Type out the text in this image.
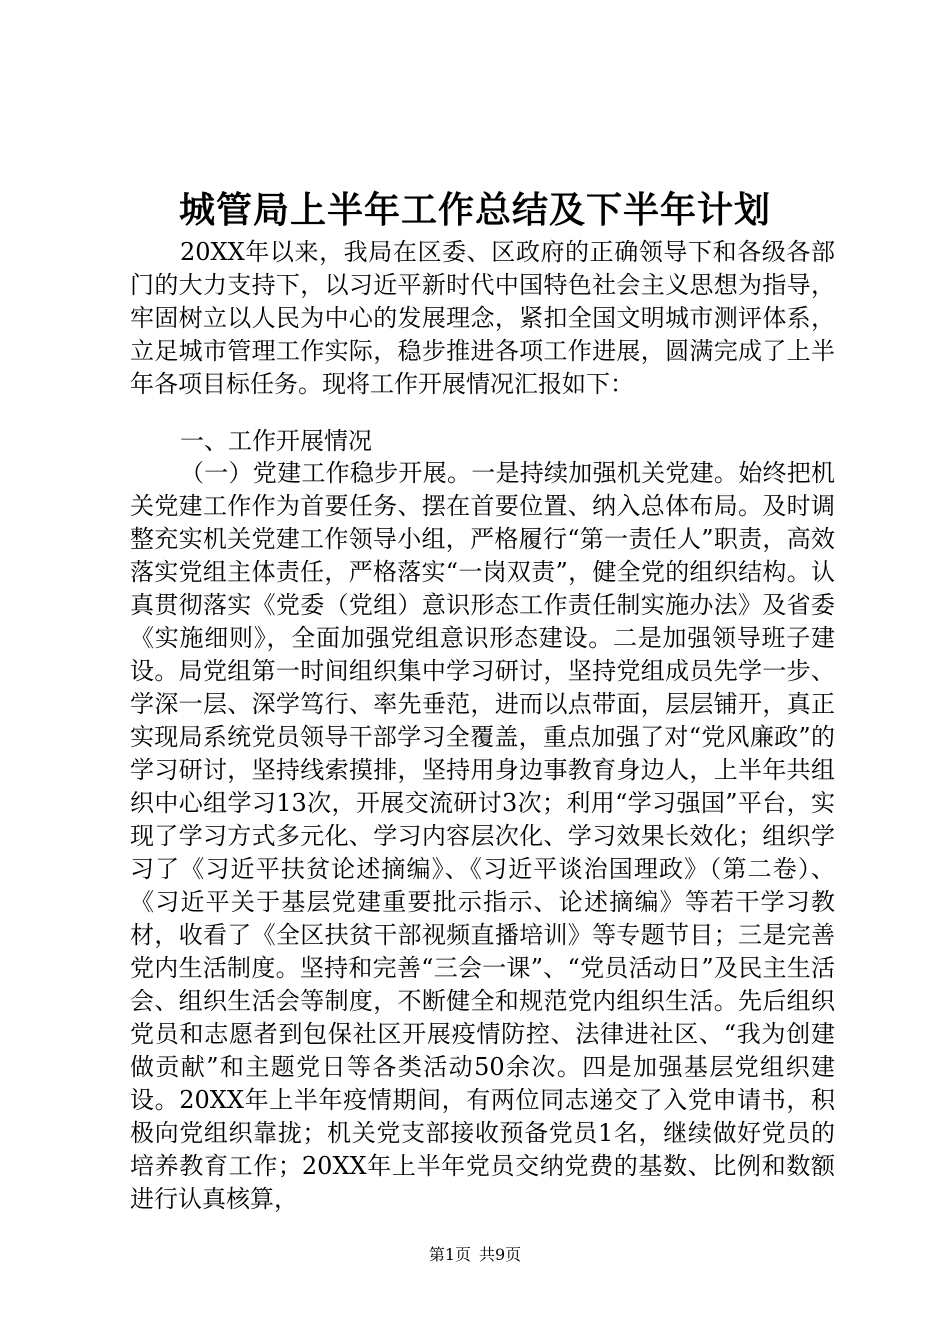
城管局上半年工作总结及下半年计划

20XX年以来，我局在区委、区政府的正确领导下和各级各部门的大力支持下，以习近平新时代中国特色社会主义思想为指导，牢固树立以人民为中心的发展理念，紧扣全国文明城市测评体系，立足城市管理工作实际，稳步推进各项工作进展，圆满完成了上半年各项目标任务。现将工作开展情况汇报如下：

一、工作开展情况

（一）党建工作稳步开展。一是持续加强机关党建。始终把机关党建工作作为首要任务、摆在首要位置、纳入总体布局。及时调整充实机关党建工作领导小组，严格履行“第一责任人”职责，高效落实党组主体责任，严格落实“一岗双责”，健全党的组织结构。认真贯彻落实《党委（党组）意识形态工作责任制实施办法》及省委《实施细则》，全面加强党组意识形态建设。二是加强领导班子建设。局党组第一时间组织集中学习研讨，坚持党组成员先学一步、学深一层、深学笃行、率先垂范，进而以点带面，层层铺开，真正实现局系统党员领导干部学习全覆盖，重点加强了对“党风廉政”的学习研讨，坚持线索摸排，坚持用身边事教育身边人，上半年共组织中心组学习13次，开展交流研讨3次；利用“学习强国”平台，实现了学习方式多元化、学习内容层次化、学习效果长效化；组织学习了《习近平扶贫论述摘编》、《习近平谈治国理政》（第二卷）、《习近平关于基层党建重要批示指示、论述摘编》等若干学习教材，收看了《全区扶贫干部视频直播培训》等专题节目；三是完善党内生活制度。坚持和完善“三会一课”、“党员活动日”及民主生活会、组织生活会等制度，不断健全和规范党内组织生活。先后组织党员和志愿者到包保社区开展疫情防控、法律进社区、“我为创建做贡献”和主题党日等各类活动50余次。四是加强基层党组织建设。20XX年上半年疫情期间，有两位同志递交了入党申请书，积极向党组织靠拢；机关党支部接收预备党员1名，继续做好党员的培养教育工作；20XX年上半年党员交纳党费的基数、比例和数额进行认真核算，

第1页 共9页
